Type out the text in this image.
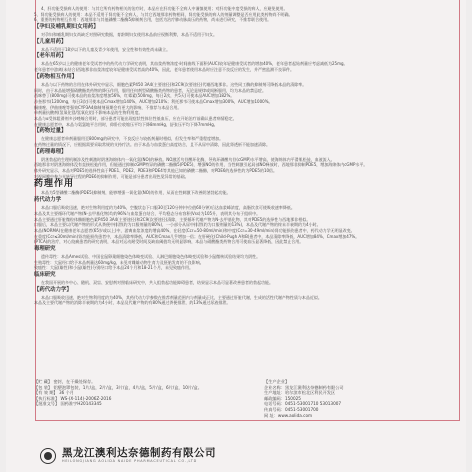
4、肝功能受损病人的使用：与其它所有药物相关的治疗时，本品应在肝功能不全病人中谨慎使用；对肝功能中度受损的病人，应避免使用。
5、肾功能受损病人的使用：本品不适用于肾功能不全病人，与其它西地那非药物相同，肾功能受损的病人的剂量调整是否应用此类药物尚不明确。
6、重要的药物相互作用：西地那非与其他磷酸二酯酶5抑制剂合用，包括为治疗肺动脉高压的药物，尚未进行研究，不推荐联合使用。
【孕妇及哺乳期妇女用药】
对孕妇和哺乳期妇女尚缺乏对照研究数据，育龄期妇女使用本品前应权衡利弊，本品不适用于妇女。
【儿童用药】
本品不适用于18岁以下的儿童及青少年使用，安全性和有效性尚未确立。
【老年用药】
本品在65岁以上的健康老年受试者中的药代动力学研究表明，其血浆药物浓度-时间曲线下面积(AUC)较年轻健康受试者约增加40%，老年患者起始剂量应考虑减低为25mg。
老年患者中游离(未结合)西地那非血浆浓度较年轻健康受试者高约40%，因此，老年患者使用本品时应注意不良反应的发生，并严密监测不良事件。
【药物相互作用】
本品与以下药物的合用在体外研究中显示，细胞色素P450 3A4(主要途径)和2C9(次要途径)代谢西地那非。这些同工酶的抑制剂可降低本品的清除率。
同时，由于本品能增强硝酸酯类药物的降压作用，服用任何剂型硝酸酯类药物的患者，无论是规律或间断服用，均为本品的禁忌症。
西咪替丁(800mg)可使本品的血浆浓度增加56%，红霉素(500mg，每日2次，共5天)可使本品AUC增加182%。
沙奎那韦(1200mg，每日3次)可使本品Cmax增加140%，AUC增加210%；利托那韦可使本品Cmax增加300%，AUC增加1000%。
酮康唑、伊曲康唑等强效CYP3A4抑制剂预期会有更大的影响，不推荐与本品合用。
单剂量抗酸剂(氢氧化镁/氢氧化铝)不影响本品的生物利用度。
本品与α受体阻滞剂多沙唑嗪合用时，部分患者可能出现症状性体位性低血压，应在开始治疗前确认患者病情稳定。
在健康志愿者中，本品与氨氯地平合用时，仰卧位收缩压平均下降8mmHg，舒张压平均下降7mmHg。
【药物过量】
在健康志愿者单剂量服用至800mg的研究中，不良反应与较低剂量时相似，但发生率和严重程度增加。
在药物过量的情况下，应根据需要采取常规的支持疗法。由于本品与血浆蛋白高度结合，且不从尿中清除，因此肾透析不能加速清除。
【药理毒理】
阴茎勃起的生理机制涉及性刺激时阴茎海绵体内一氧化氮(NO)的释放。NO激活鸟苷酸环化酶，导致环磷酸鸟苷(cGMP)水平增高，使海绵体内平滑肌松弛，血液流入。
西地那非对阴茎海绵体没有直接松弛作用，但能通过抑制cGMP特异的磷酸二酯酶5(PDE5)，增强NO的作用，当性刺激引起局部NO释放时，西地那非抑制PDE5，增加海绵体内cGMP水平。
体外研究显示，本品对PDE5的选择性高于PDE1、PDE2、PDE3和PDE4等其他已知的磷酸二酯酶，对PDE6的选择性约为PDE5的10倍。
对视网膜中参与光转导过程的PDE6的抑制作用，可能是部分患者出现色觉异常的基础。
药理作用
本品为5型磷酸二酯酶(PDE5)抑制剂，能够增强一氧化氮(NO)的作用，从而在性刺激下改善阴茎勃起功能。
药代动力学
本品口服后吸收迅速，绝对生物利用度约为40%，空腹状态下口服30至120分钟(中位值60分钟)后达血浆峰浓度，高脂饮食可使吸收速率降低。
本品及其主要循环代谢产物(N-去甲基化物)均约96%与血浆蛋白结合，平均稳态分布容积(Vss)为105升，表明其分布于组织中。
本品主要通过肝脏微粒体酶细胞色素P450 3A4(主要途径)和2C9(次要途径)清除，主要循环代谢产物为N-去甲基化物，其对PDE5的选择性与西地那非相似。
口服后，本品主要以代谢产物的形式从粪便中排泄(约为口服剂量的80%)，一小部分从尿中排泄(约为口服剂量的13%)，本品及代谢产物的终末半衰期约为4小时。
本品(NORMA)在健康老年志愿者(65岁或以上)中，游离血浆浓度约增高40%，在轻度(Ccr=50-80ml/min)和中度(Ccr=30-49ml/min)肾功能损伤患者中，药代动力学无明显改变。
在重度(Ccr≤30ml/min)肾功能损伤患者中，本品清除率降低，AUC和Cmax几乎增加一倍；在肝硬化(Child-Pugh A和B)患者中，本品清除率降低，AUC增加84%，Cmax增加47%。
(PTCA)的治疗，对心绞痛患者的研究表明，本品对运动耐受时间及缺血阈值均无明显影响，本品与硝酸酯类药物合用可使血压显著降低，因此禁止合用。
毒理研究
遗传毒性：本品Ames试验、中国仓鼠卵巢细胞染色体畸变试验、人淋巴细胞染色体畸变试验和小鼠微核试验结果均为阴性。
生殖毒性：大鼠经口给予本品剂量达60mg/kg，未见对雌雄动物生育力及胚胎发育的不良影响。
致癌性：大鼠(雄性)和小鼠(雄性)分别经口给予本品24个月和18-21个月，未见致癌作用。
临床研究
在我国开展的多中心、随机、双盲、安慰剂对照临床研究中，共入组勃起功能障碍患者，结果显示本品可显著改善患者的勃起功能。
【药代动力学】
本品口服吸收迅速，绝对生物利用度约为40%，其药代动力学参数在推荐剂量范围内与剂量成正比，主要通过肝脏代谢，生成的活性代谢产物性质与本品近似。
本品及主要代谢产物的消除半衰期约为4小时，本品及代谢产物约有80%通过粪便排泄，约13%通过尿液排泄。
【贮 藏】 密封，在干燥处保存。
【包 装】 铝塑泡罩包装，1片/盒，2片/盒，3片/盒，4片/盒，5片/盒，6片/盒，10片/盒。
【有 效 期】 36 个月
【执行标准】 WS-(X-114)-2006Z-2016
【批准文号】 国药准字H20143345
【生产企业】
企业名称：黑龙江澳利达奈德制药有限公司
生产地址：哈尔滨市松北区利民开发区
邮政编码：150025
电话号码：0451-53001710 53013007
传真号码：0451-53001700
网 址：www.aolida.com
黑龙江澳利达奈德制药有限公司
HEILONGJIANG AOLIDA NAIDE PHARMACEUTICAL CO.,LTD
